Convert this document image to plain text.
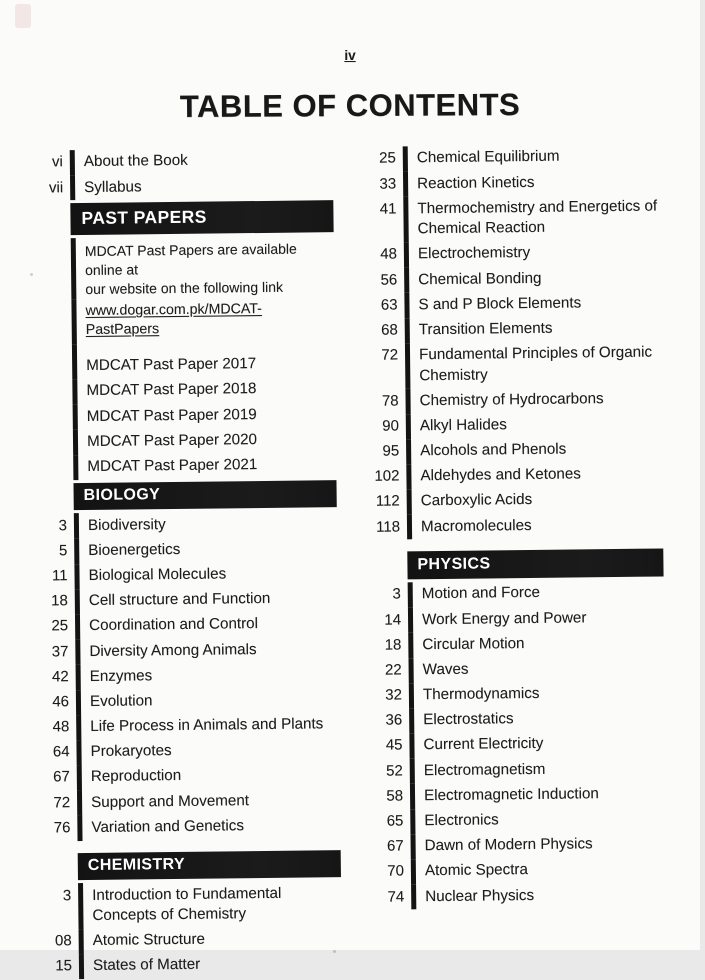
iv
TABLE OF CONTENTS
vi	About the Book
vii	Syllabus
PAST PAPERS
MDCAT Past Papers are available online at
our website on the following link
www.dogar.com.pk/MDCAT-PastPapers
MDCAT Past Paper 2017
MDCAT Past Paper 2018
MDCAT Past Paper 2019
MDCAT Past Paper 2020
MDCAT Past Paper 2021
BIOLOGY
3	Biodiversity
5	Bioenergetics
11	Biological Molecules
18	Cell structure and Function
25	Coordination and Control
37	Diversity Among Animals
42	Enzymes
46	Evolution
48	Life Process in Animals and Plants
64	Prokaryotes
67	Reproduction
72	Support and Movement
76	Variation and Genetics
CHEMISTRY
3	Introduction to Fundamental Concepts of Chemistry
08	Atomic Structure
15	States of Matter
25	Chemical Equilibrium
33	Reaction Kinetics
41	Thermochemistry and Energetics of Chemical Reaction
48	Electrochemistry
56	Chemical Bonding
63	S and P Block Elements
68	Transition Elements
72	Fundamental Principles of Organic Chemistry
78	Chemistry of Hydrocarbons
90	Alkyl Halides
95	Alcohols and Phenols
102	Aldehydes and Ketones
112	Carboxylic Acids
118	Macromolecules
PHYSICS
3	Motion and Force
14	Work Energy and Power
18	Circular Motion
22	Waves
32	Thermodynamics
36	Electrostatics
45	Current Electricity
52	Electromagnetism
58	Electromagnetic Induction
65	Electronics
67	Dawn of Modern Physics
70	Atomic Spectra
74	Nuclear Physics
